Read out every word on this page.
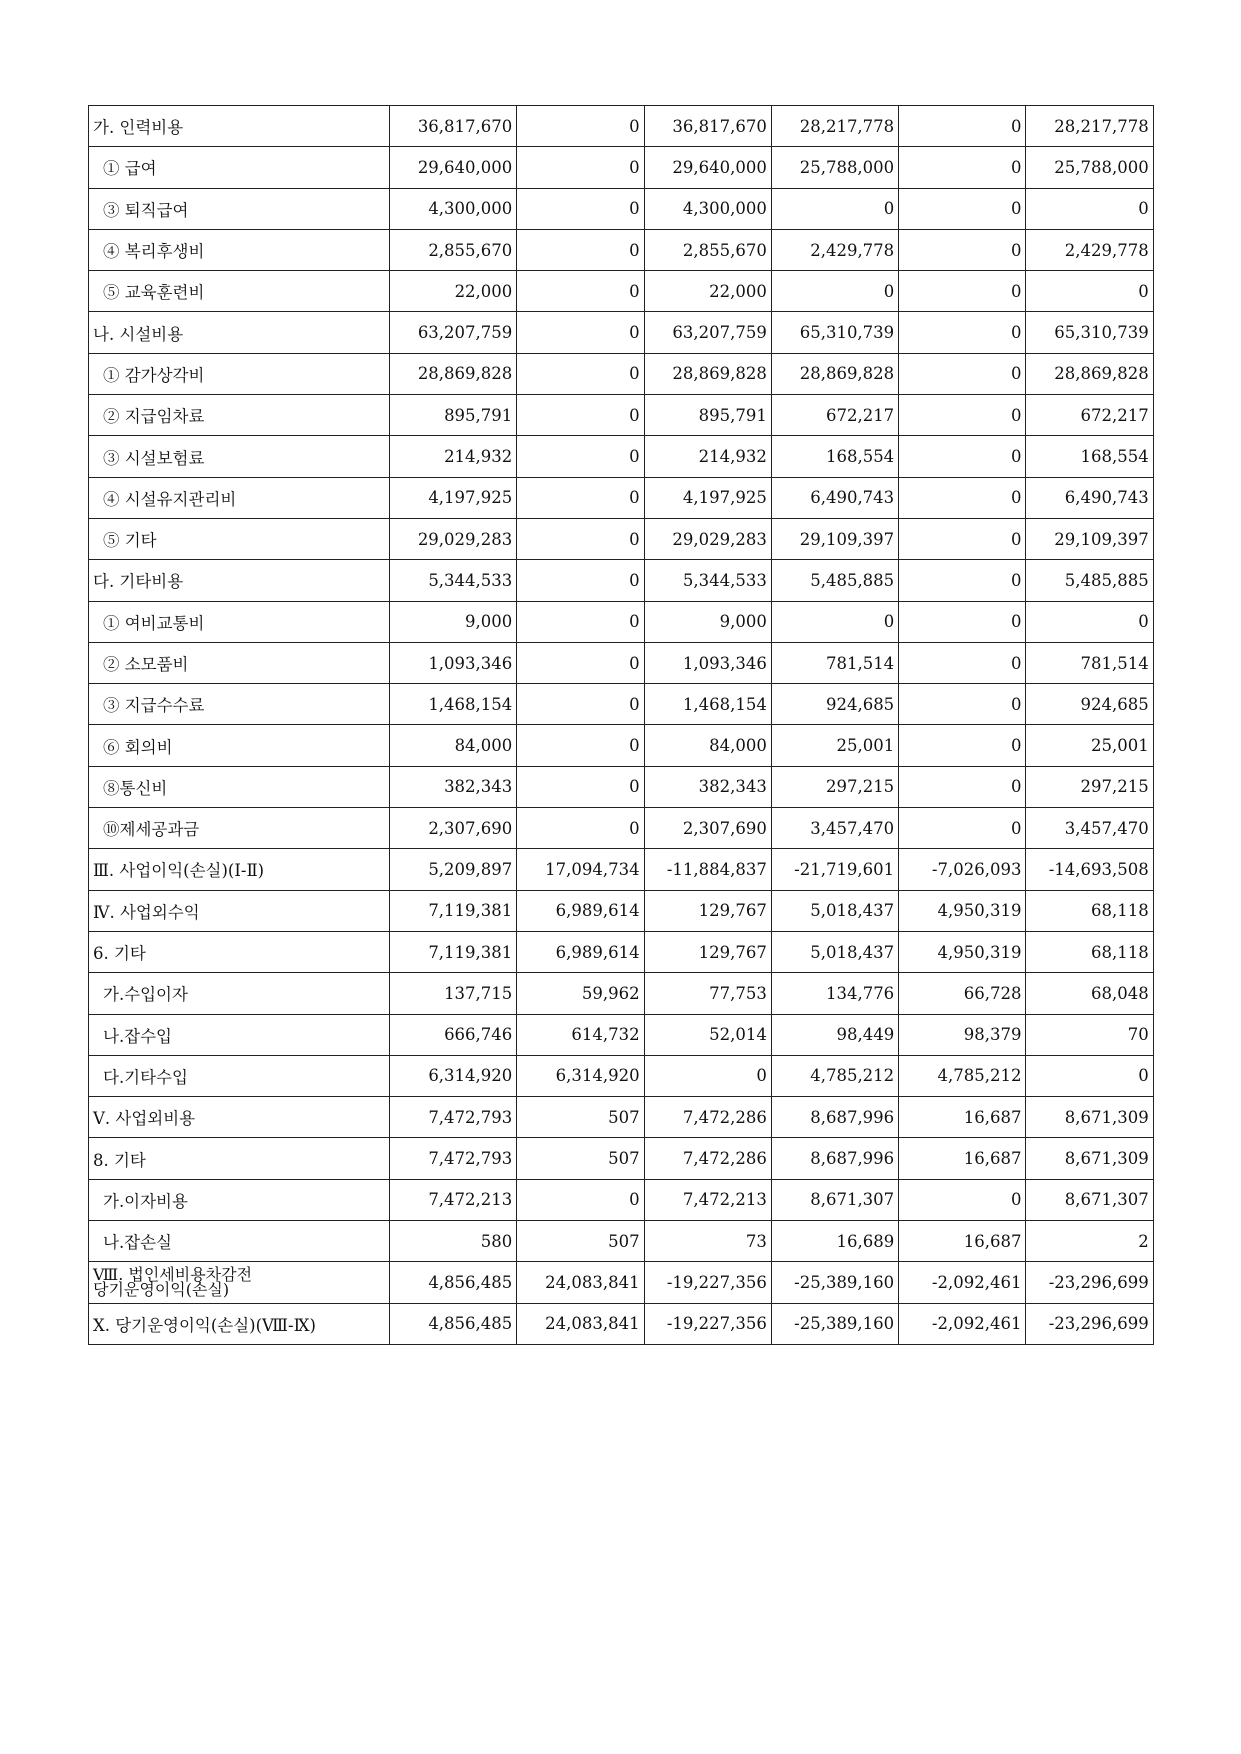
가. 인력비용	36,817,670	0	36,817,670	28,217,778	0	28,217,778
① 급여	29,640,000	0	29,640,000	25,788,000	0	25,788,000
③ 퇴직급여	4,300,000	0	4,300,000	0	0	0
④ 복리후생비	2,855,670	0	2,855,670	2,429,778	0	2,429,778
⑤ 교육훈련비	22,000	0	22,000	0	0	0
나. 시설비용	63,207,759	0	63,207,759	65,310,739	0	65,310,739
① 감가상각비	28,869,828	0	28,869,828	28,869,828	0	28,869,828
② 지급임차료	895,791	0	895,791	672,217	0	672,217
③ 시설보험료	214,932	0	214,932	168,554	0	168,554
④ 시설유지관리비	4,197,925	0	4,197,925	6,490,743	0	6,490,743
⑤ 기타	29,029,283	0	29,029,283	29,109,397	0	29,109,397
다. 기타비용	5,344,533	0	5,344,533	5,485,885	0	5,485,885
① 여비교통비	9,000	0	9,000	0	0	0
② 소모품비	1,093,346	0	1,093,346	781,514	0	781,514
③ 지급수수료	1,468,154	0	1,468,154	924,685	0	924,685
⑥ 회의비	84,000	0	84,000	25,001	0	25,001
⑧통신비	382,343	0	382,343	297,215	0	297,215
⑩제세공과금	2,307,690	0	2,307,690	3,457,470	0	3,457,470
Ⅲ. 사업이익(손실)(Ⅰ-Ⅱ)	5,209,897	17,094,734	-11,884,837	-21,719,601	-7,026,093	-14,693,508
Ⅳ. 사업외수익	7,119,381	6,989,614	129,767	5,018,437	4,950,319	68,118
6. 기타	7,119,381	6,989,614	129,767	5,018,437	4,950,319	68,118
가.수입이자	137,715	59,962	77,753	134,776	66,728	68,048
나.잡수입	666,746	614,732	52,014	98,449	98,379	70
다.기타수입	6,314,920	6,314,920	0	4,785,212	4,785,212	0
Ⅴ. 사업외비용	7,472,793	507	7,472,286	8,687,996	16,687	8,671,309
8. 기타	7,472,793	507	7,472,286	8,687,996	16,687	8,671,309
가.이자비용	7,472,213	0	7,472,213	8,671,307	0	8,671,307
나.잡손실	580	507	73	16,689	16,687	2
Ⅷ. 법인세비용차감전
당기운영이익(손실)	4,856,485	24,083,841	-19,227,356	-25,389,160	-2,092,461	-23,296,699
Ⅹ. 당기운영이익(손실)(Ⅷ-Ⅸ)	4,856,485	24,083,841	-19,227,356	-25,389,160	-2,092,461	-23,296,699
